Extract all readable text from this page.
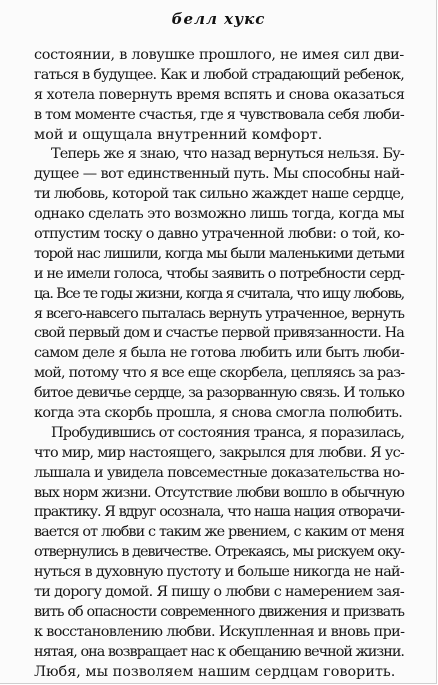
белл хукс
состоянии, в ловушке прошлого, не имея сил дви-
гаться в будущее. Как и любой страдающий ребенок,
я хотела повернуть время вспять и снова оказаться
в том моменте счастья, где я чувствовала себя люби-
мой и ощущала внутренний комфорт.
Теперь же я знаю, что назад вернуться нельзя. Бу-
дущее — вот единственный путь. Мы способны най-
ти любовь, которой так сильно жаждет наше сердце,
однако сделать это возможно лишь тогда, когда мы
отпустим тоску о давно утраченной любви: о той, ко-
торой нас лишили, когда мы были маленькими детьми
и не имели голоса, чтобы заявить о потребности серд-
ца. Все те годы жизни, когда я считала, что ищу любовь,
я всего-навсего пыталась вернуть утраченное, вернуть
свой первый дом и счастье первой привязанности. На
самом деле я была не готова любить или быть люби-
мой, потому что я все еще скорбела, цепляясь за раз-
битое девичье сердце, за разорванную связь. И только
когда эта скорбь прошла, я снова смогла полюбить.
Пробудившись от состояния транса, я поразилась,
что мир, мир настоящего, закрылся для любви. Я ус-
лышала и увидела повсеместные доказательства но-
вых норм жизни. Отсутствие любви вошло в обычную
практику. Я вдруг осознала, что наша нация отворачи-
вается от любви с таким же рвением, с каким от меня
отвернулись в девичестве. Отрекаясь, мы рискуем оку-
нуться в духовную пустоту и больше никогда не най-
ти дорогу домой. Я пишу о любви с намерением зая-
вить об опасности современного движения и призвать
к восстановлению любви. Искупленная и вновь при-
нятая, она возвращает нас к обещанию вечной жизни.
Любя, мы позволяем нашим сердцам говорить.
